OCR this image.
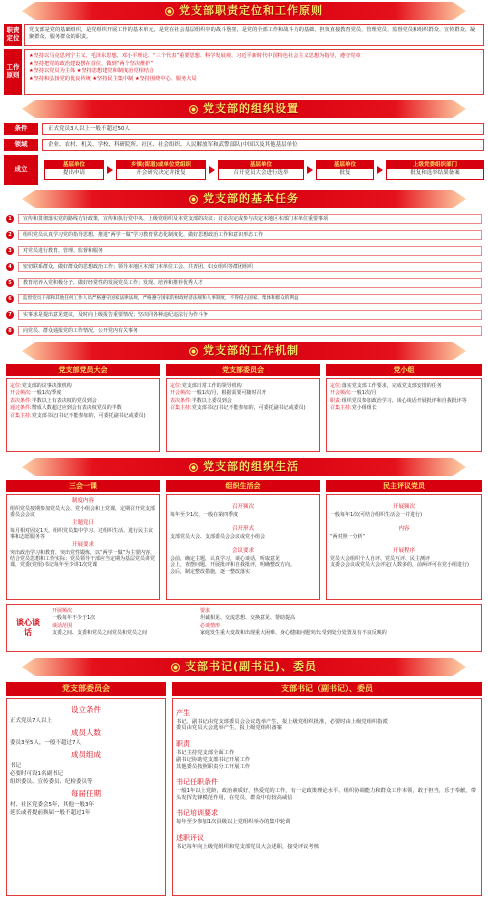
党支部职责定位和工作原则
职责定位
党支部是党的基础组织，是党组织开展工作的基本单元，是党在社会基层组织中的战斗堡垒，是党的全部工作和战斗力的基础，担负直接教育党员、管理党员、监督党员和组织群众、宣传群众、凝聚群众、服务群众的职责。
工作原则

★坚持以马克思列宁主义、毛泽东思想、邓小平理论、“三个代表”重要思想、科学发展观、习近平新时代中国特色社会主义思想为指导，遵守党章

★坚持把党的政治建设摆在首位，做到“两个坚决维护”

★坚持以党员为主体 ★坚持思想建党和制度治党相结合

★坚持和弘扬党的优良传统 ★坚持民主集中制 ★坚持围绕中心、服务大局

党支部的组织设置
条件	正式党员3人以上一般不超过50人
领域	企业、农村、机关、学校、科研院所、社区、社会组织、人民解放军和武警部队(中国以及其他基层单位
成立
基层单位
提出申请
乡镇(街道)或单位党组织
开会研究决定并批复
基层单位
召开党员大会进行选举
基层单位
批复
上级党委组织部门
批复和选举结果备案
党支部的基本任务
1	宣传和贯彻落实党的路线方针政策，宣传和执行党中央、上级党组织及本党支部的决议；讨论决定或参与决定本地区本部门本单位重要事项
2	组织党员认真学习党的指导思想，推进“两学一做”学习教育常态化制度化，做好思想政治工作和意识形态工作
3	对党员进行教育、管理、监督和服务
4	密切联系群众，做好群众的思想政治工作；领导本地区本部门本单位工会、共青团、妇女组织等群团组织
5	教育培养入党积极分子，做好经常性的发展党员工作；发现、培养和推荐优秀人才
6	监督党员干部和其他任何工作人员严格遵守国家法律法规，严格遵守国家的财政经济法规和人事制度，不得侵占国家、集体和群众的利益
7	实事求是提出意见建议，及时向上级报告重要情况；坚决同各种违纪违法行为作斗争
8	向党员、群众通报党的工作情况，公开党内有关事务
党支部的工作机制
党支部党员大会

定位:党支部的议事决策机构

开会频次:一般1次/季度

表决条件:半数以上有表决权的党员到会

通过条件:赞成人数超过应到会有表决权党员的半数

召集主持:党支部书记(书记不能参加的，可委托副书记或委员)

党支部委员会

定位:党支部日常工作的领导机构

开会频次:一般1次/月，根据需要可随时召开

表决条件:半数以上委员到会

召集主持:党支部书记(书记不能参加的，可委托副书记或委员)

党小组

定位:落实党支部工作要求，完成党支部安排的任务

开会频次:一般1次/月

职责:组织党员参加政治学习、谈心谈话开展批评和自我批评等

召集主持:党小组组长

党支部的组织生活
三会一课
制度内容

组织党员按期参加党员大会、党小组会和上党课，定期召开党支部委员会会议

主题党日

每月相对固定1天，组织党员集中学习、过组织生活、进行民主议事和志愿服务等

开展要求

突出政治学习和教育，突出党性锻炼，以“两学一做”为主要内容，结合党员思想和工作实际；党员领导干部应当定期为基层党员讲党课，党委(党组)书记每年至少讲1次党课

组织生活会

召开频次

每年至少1次，一般在第四季度

召开形式

支部党员大会、支部委员会会议或党小组会

会议要求

会前，确定主题，认真学习，谈心谈话，听取意见
会上，查摆问题，开展批评和自我批评，明确整改方向。
会后，制定整改措施，逐一整改落实

民主评议党员

开展频次

一般每年1次(可结合组织生活会一并进行)

内容

“两对照一分析”

开展程序

党员大会组织个人自评、党员互评、民主测评
支委会会议或党员大会评定(人数多的，前两评可在党小组进行)

谈心谈话
开展频次

一般每年不少于1次

谈话范围

支委之间、支委和党员之间党员和党员之间

要求

坦诚相见、交流思想、交换意见、帮助提高

必谈情形

家庭发生重大变故和出现重大困难、身心健康问题突出;受到处分处置及有不良反映的

支部书记(副书记)、委员
党支部委员会
设立条件

正式党员7人以上

成员人数

委员3至5人，一般不超过7人

成员组成

书记

必要时可设1名副书记

组织委员、宣传委员、纪检委员等

每届任期

村、社区党委会5年，其他一般3年

延长或者提前换届一般不超过1年

支部书记（副书记）、委员

产生

书记、副书记由党支部委员会会议选举产生，报上级党组织批准，必要时由上级党组织指派
委员由党员大会选举产生，报上级党组织备案

职责

书记主持党支部全面工作
副书记协助党支部书记开展工作
其他委员按照职责分工开展工作

书记任职条件

一般1年以上党龄，政治素质好，热爱党的工作，有一定政策理论水平、组织协调能力和群众工作本领，敢于担当，乐于奉献，带头发挥先锋模范作用，在党员、群众中有较高威信

书记培训要求

每年至少参加1次县级以上党组织举办的集中轮训

述职评议

书记每年向上级党组织和党支部党员大会述职，接受评议考核
